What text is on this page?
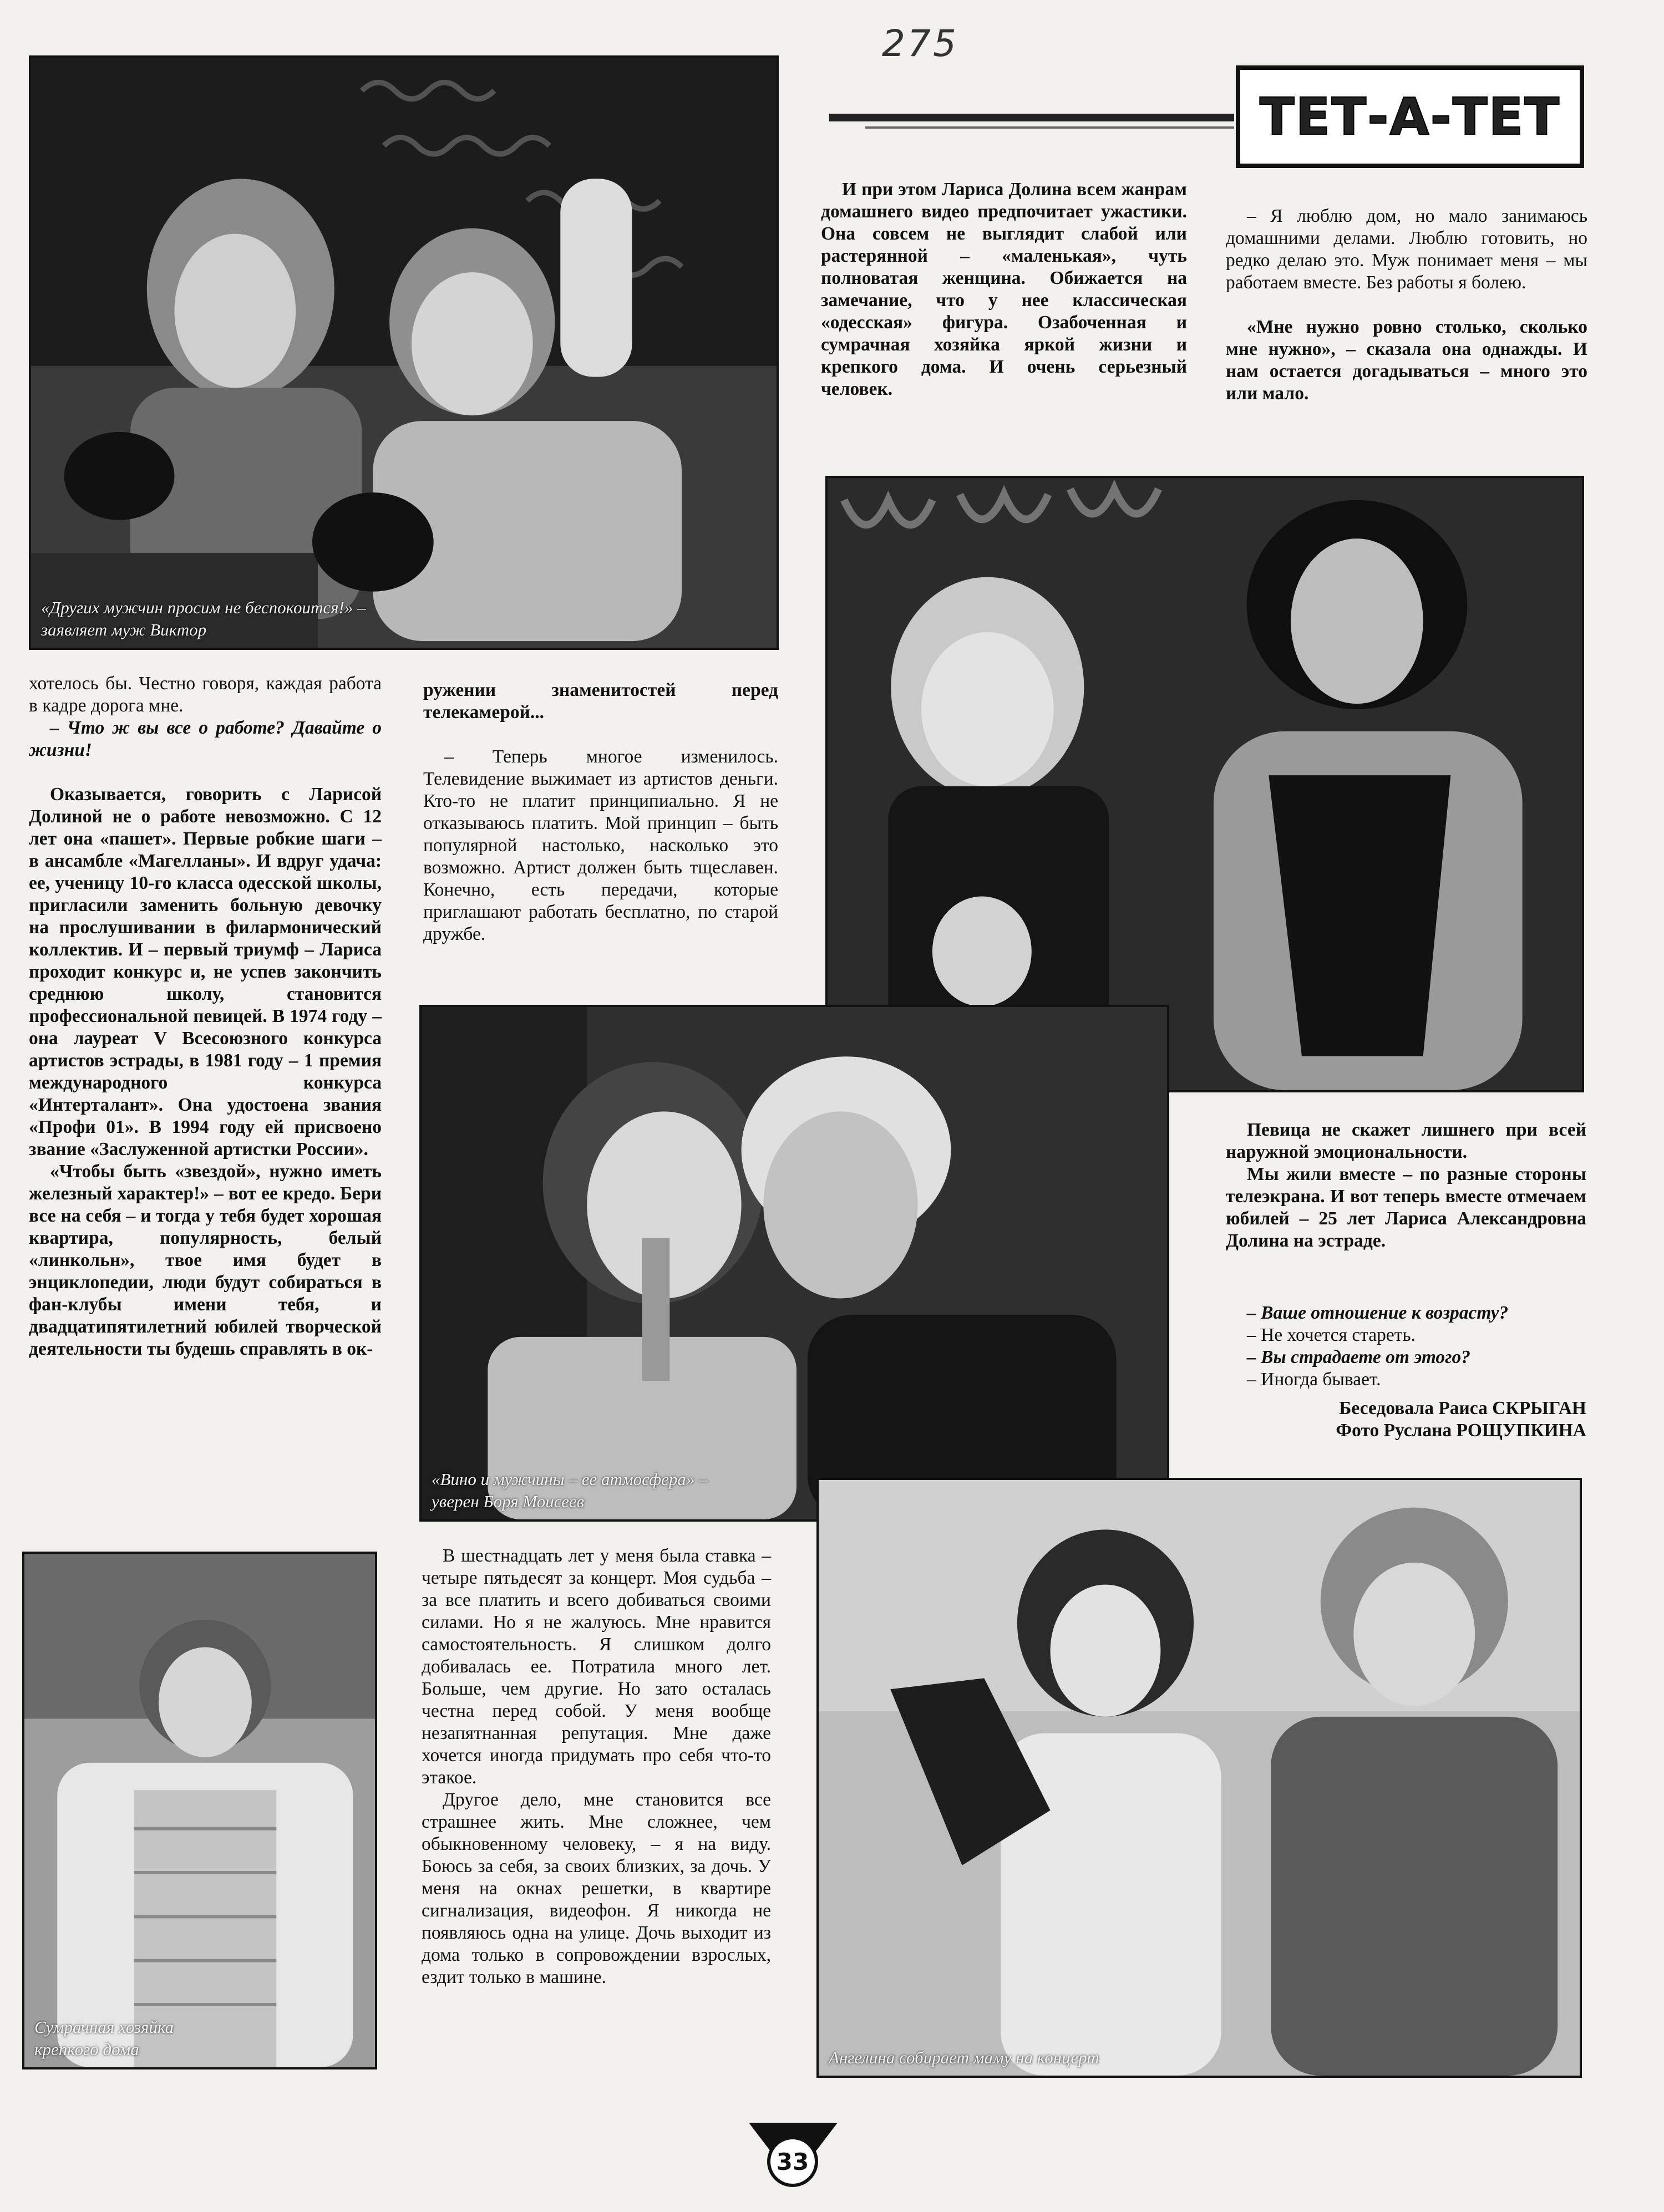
275
ТЕТ-А-ТЕТ
«Других мужчин просим не беспокоится!» –
заявляет муж Виктор

И при этом Лариса Долина всем жанрам домашнего видео предпочитает ужастики. Она совсем не выглядит слабой или растерянной – «маленькая», чуть полноватая женщина. Обижается на замечание, что у нее классическая «одесская» фигура. Озабоченная и сумрачная хозяйка яркой жизни и крепкого дома. И очень серьезный человек.

– Я люблю дом, но мало занимаюсь домашними делами. Люблю готовить, но редко делаю это. Муж понимает меня – мы работаем вместе. Без работы я болею.

«Мне нужно ровно столько, сколько мне нужно», – сказала она однажды. И нам остается догадываться – много это или мало.

хотелось бы. Честно говоря, каждая работа в кадре дорога мне.

– Что ж вы все о работе? Давайте о жизни!

Оказывается, говорить с Ларисой Долиной не о работе невозможно. С 12 лет она «пашет». Первые робкие шаги – в ансамбле «Магелланы». И вдруг удача: ее, ученицу 10-го класса одесской школы, пригласили заменить больную девочку на прослушивании в филармонический коллектив. И – первый триумф – Лариса проходит конкурс и, не успев закончить среднюю школу, становится профессиональной певицей. В 1974 году – она лауреат V Всесоюзного конкурса артистов эстрады, в 1981 году – 1 премия международного конкурса «Интерталант». Она удостоена звания «Профи 01». В 1994 году ей присвоено звание «Заслуженной артистки России».

«Чтобы быть «звездой», нужно иметь железный характер!» – вот ее кредо. Бери все на себя – и тогда у тебя будет хорошая квартира, популярность, белый «линкольн», твое имя будет в энциклопедии, люди будут собираться в фан-клубы имени тебя, и двадцатипятилетний юбилей творческой деятельности ты будешь справлять в ок-

ружении знаменитостей перед телекамерой...

– Теперь многое изменилось. Телевидение выжимает из артистов деньги. Кто-то не платит принципиально. Я не отказываюсь платить. Мой принцип – быть популярной настолько, насколько это возможно. Артист должен быть тщеславен. Конечно, есть передачи, которые приглашают работать бесплатно, по старой дружбе.

«Вино и мужчины – ее атмосфера» –
уверен Боря Моисеев

Певица не скажет лишнего при всей наружной эмоциональности.

Мы жили вместе – по разные стороны телеэкрана. И вот теперь вместе отмечаем юбилей – 25 лет Лариса Александровна Долина на эстраде.

– Ваше отношение к возрасту?

– Не хочется стареть.

– Вы страдаете от этого?

– Иногда бывает.

Беседовала Раиса СКРЫГАН

Фото Руслана РОЩУПКИНА

Сумрачная хозяйка
крепкого дома

В шестнадцать лет у меня была ставка – четыре пятьдесят за концерт. Моя судьба – за все платить и всего добиваться своими силами. Но я не жалуюсь. Мне нравится самостоятельность. Я слишком долго добивалась ее. Потратила много лет. Больше, чем другие. Но зато осталась честна перед собой. У меня вообще незапятнанная репутация. Мне даже хочется иногда придумать про себя что-то этакое.

Другое дело, мне становится все страшнее жить. Мне сложнее, чем обыкновенному человеку, – я на виду. Боюсь за себя, за своих близких, за дочь. У меня на окнах решетки, в квартире сигнализация, видеофон. Я никогда не появляюсь одна на улице. Дочь выходит из дома только в сопровождении взрослых, ездит только в машине.

Ангелина собирает маму на концерт
33
